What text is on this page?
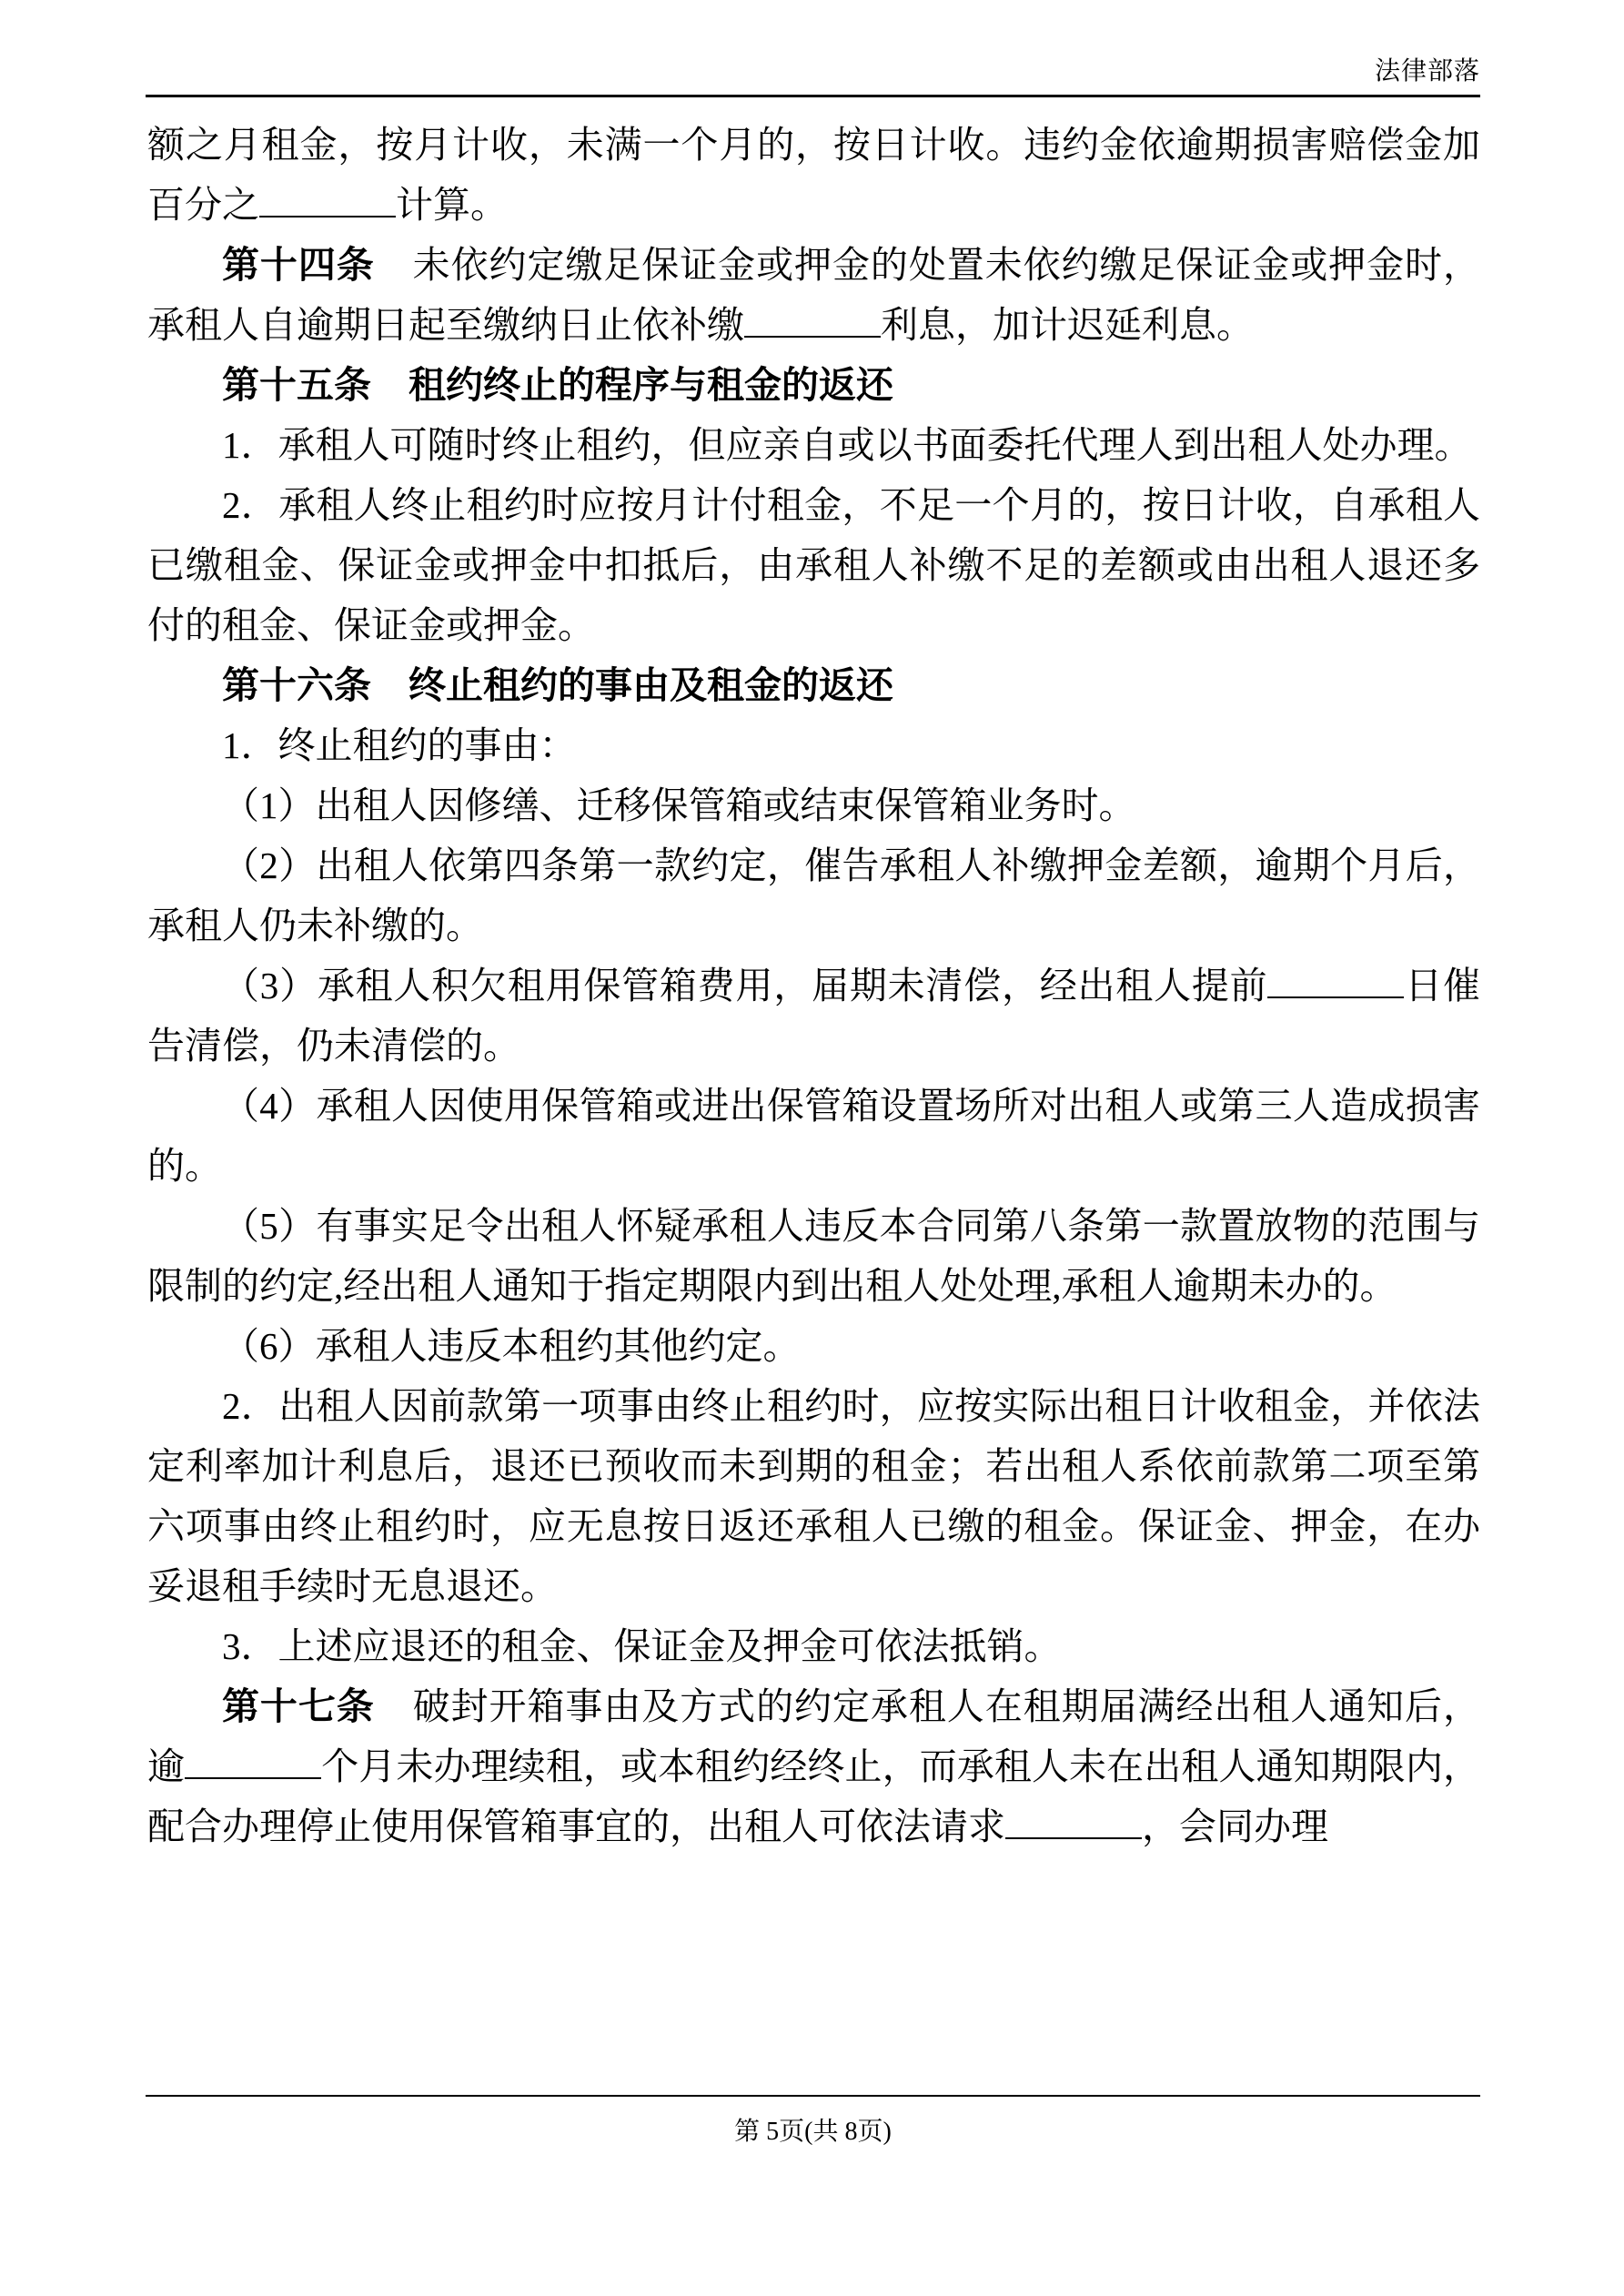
法律部落

额之月租金，按月计收，未满一个月的，按日计收。违约金依逾期损害赔偿金加百分之	计算。

第十四条　未依约定缴足保证金或押金的处置未依约缴足保证金或押金时，承租人自逾期日起至缴纳日止依补缴	利息，加计迟延利息。

第十五条　租约终止的程序与租金的返还

1．承租人可随时终止租约，但应亲自或以书面委托代理人到出租人处办理。

2．承租人终止租约时应按月计付租金，不足一个月的，按日计收，自承租人已缴租金、保证金或押金中扣抵后，由承租人补缴不足的差额或由出租人退还多付的租金、保证金或押金。

第十六条　终止租约的事由及租金的返还

1．终止租约的事由：

（1）出租人因修缮、迁移保管箱或结束保管箱业务时。

（2）出租人依第四条第一款约定，催告承租人补缴押金差额，逾期个月后，承租人仍未补缴的。

（3）承租人积欠租用保管箱费用，届期未清偿，经出租人提前	日催告清偿，仍未清偿的。

（4）承租人因使用保管箱或进出保管箱设置场所对出租人或第三人造成损害的。

（5）有事实足令出租人怀疑承租人违反本合同第八条第一款置放物的范围与限制的约定,经出租人通知于指定期限内到出租人处处理,承租人逾期未办的。

（6）承租人违反本租约其他约定。

2．出租人因前款第一项事由终止租约时，应按实际出租日计收租金，并依法定利率加计利息后，退还已预收而未到期的租金；若出租人系依前款第二项至第六项事由终止租约时，应无息按日返还承租人已缴的租金。保证金、押金，在办妥退租手续时无息退还。

3．上述应退还的租金、保证金及押金可依法抵销。

第十七条　破封开箱事由及方式的约定承租人在租期届满经出租人通知后，逾	个月未办理续租，或本租约经终止，而承租人未在出租人通知期限内，配合办理停止使用保管箱事宜的，出租人可依法请求	，会同办理

第 5页(共 8页)
